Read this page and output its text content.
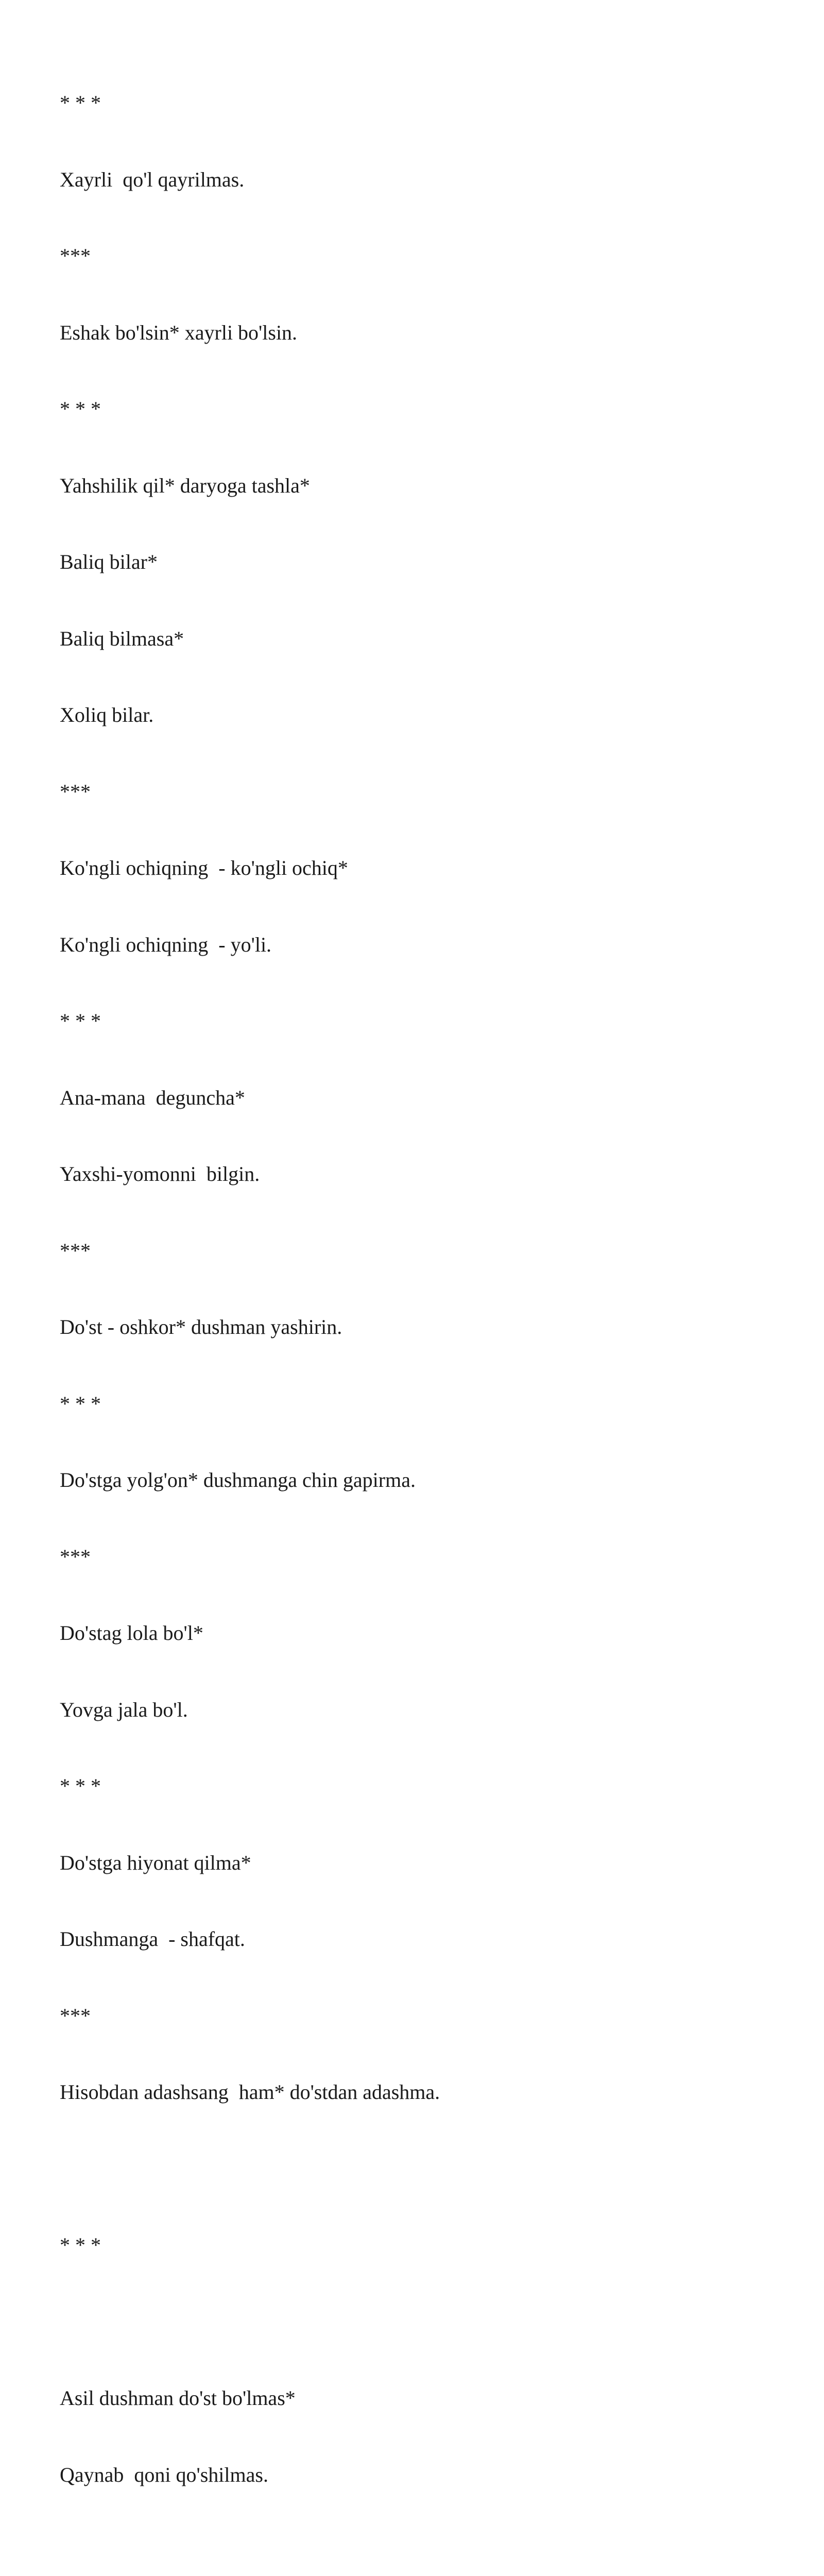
* * *

Xayrli  qo'l qayrilmas.

***

Eshak bo'lsin* xayrli bo'lsin.

* * *

Yahshilik qil* daryoga tashla*

Baliq bilar*

Baliq bilmasa*

Xoliq bilar.

***

Ko'ngli ochiqning  - ko'ngli ochiq*

Ko'ngli ochiqning  - yo'li.

* * *

Ana-mana  deguncha*

Yaxshi-yomonni  bilgin.

***

Do'st - oshkor* dushman yashirin.

* * *

Do'stga yolg'on* dushmanga chin gapirma.

***

Do'stag lola bo'l*

Yovga jala bo'l.

* * *

Do'stga hiyonat qilma*

Dushmanga  - shafqat.

***

Hisobdan adashsang  ham* do'stdan adashma.

* * *

Asil dushman do'st bo'lmas*

Qaynab  qoni qo'shilmas.
